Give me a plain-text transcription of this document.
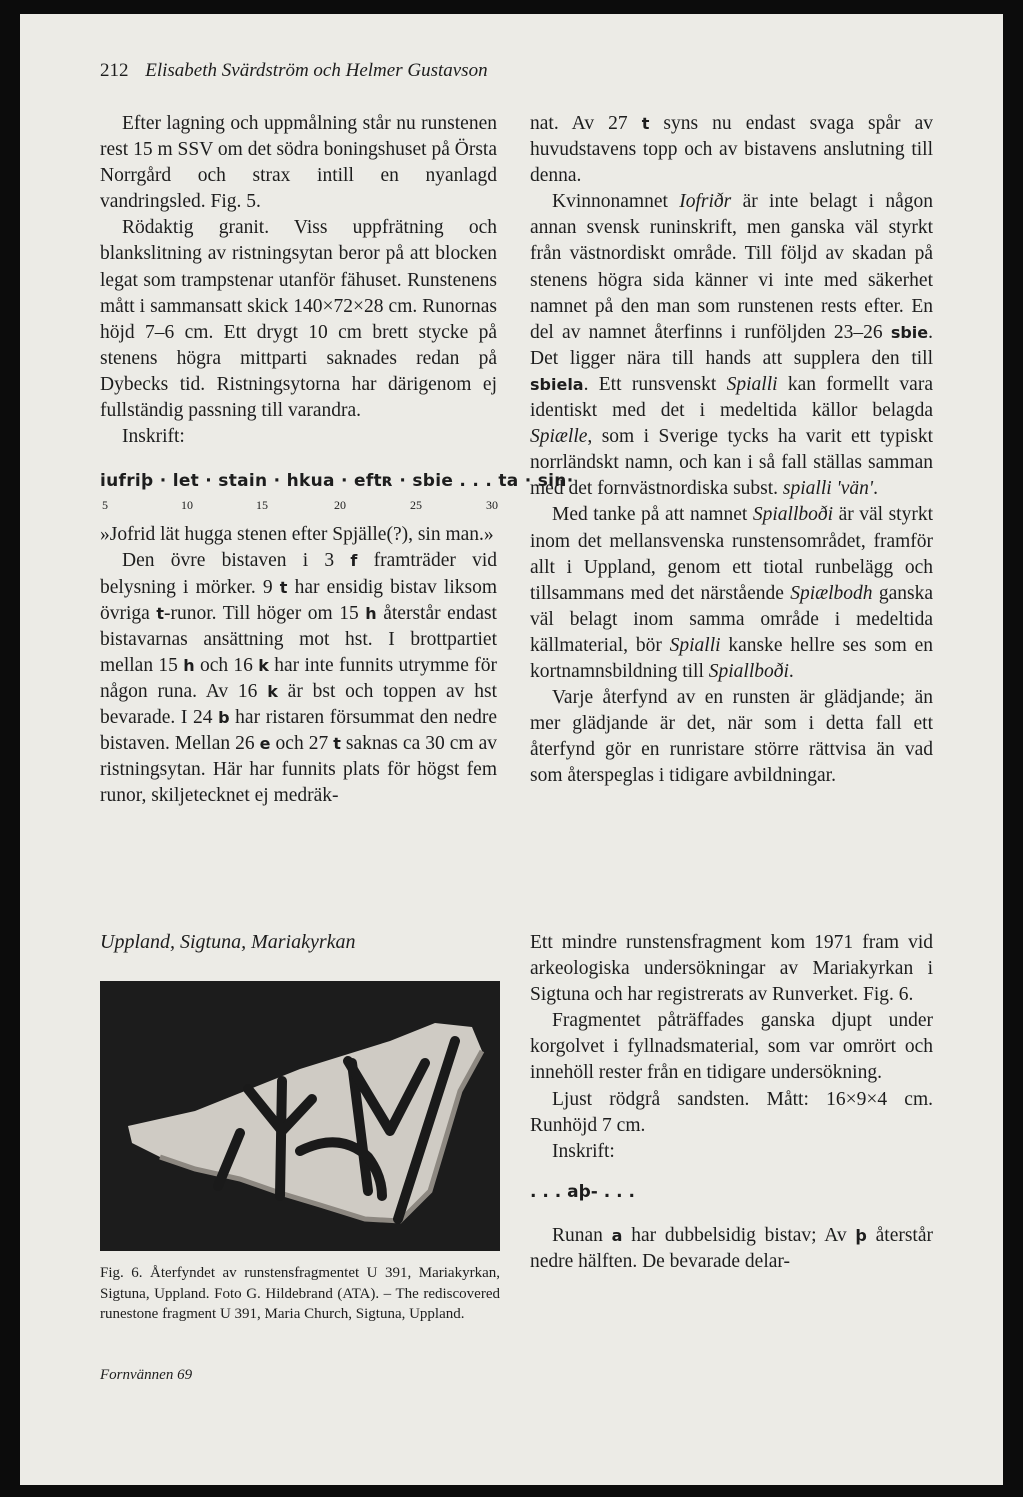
212 Elisabeth Svärdström och Helmer Gustavson

Efter lagning och uppmålning står nu runstenen rest 15 m SSV om det södra boningshuset på Örsta Norrgård och strax intill en nyanlagd vandringsled. Fig. 5.

Rödaktig granit. Viss uppfrätning och blankslitning av ristningsytan beror på att blocken legat som trampstenar utanför fähuset. Runstenens mått i sammansatt skick 140×72×28 cm. Runornas höjd 7–6 cm. Ett drygt 10 cm brett stycke på stenens högra mittparti saknades redan på Dybecks tid. Ristningsytorna har därigenom ej fullständig passning till varandra.

Inskrift:

iufriþ · let · stain · hkua · eftʀ · sbie . . . ta · sin·
5	10	15	20	25	30

»Jofrid lät hugga stenen efter Spjälle(?), sin man.»

Den övre bistaven i 3 f framträder vid belysning i mörker. 9 t har ensidig bistav liksom övriga t-runor. Till höger om 15 h återstår endast bistavarnas ansättning mot hst. I brottpartiet mellan 15 h och 16 k har inte funnits utrymme för någon runa. Av 16 k är bst och toppen av hst bevarade. I 24 b har ristaren försummat den nedre bistaven. Mellan 26 e och 27 t saknas ca 30 cm av ristningsytan. Här har funnits plats för högst fem runor, skiljetecknet ej medräk-

nat. Av 27 t syns nu endast svaga spår av huvudstavens topp och av bistavens anslutning till denna.

Kvinnonamnet Iofriðr är inte belagt i någon annan svensk runinskrift, men ganska väl styrkt från västnordiskt område. Till följd av skadan på stenens högra sida känner vi inte med säkerhet namnet på den man som runstenen rests efter. En del av namnet återfinns i runföljden 23–26 sbie. Det ligger nära till hands att supplera den till sbiela. Ett runsvenskt Spialli kan formellt vara identiskt med det i medeltida källor belagda Spiælle, som i Sverige tycks ha varit ett typiskt norrländskt namn, och kan i så fall ställas samman med det fornvästnordiska subst. spialli 'vän'.

Med tanke på att namnet Spiallboði är väl styrkt inom det mellansvenska runstensområdet, framför allt i Uppland, genom ett tiotal runbelägg och tillsammans med det närstående Spiælbodh ganska väl belagt inom samma område i medeltida källmaterial, bör Spialli kanske hellre ses som en kortnamnsbildning till Spiallboði.

Varje återfynd av en runsten är glädjande; än mer glädjande är det, när som i detta fall ett återfynd gör en runristare större rättvisa än vad som återspeglas i tidigare avbildningar.

Uppland, Sigtuna, Mariakyrkan
Fig. 6. Återfyndet av runstensfragmentet U 391, Mariakyrkan, Sigtuna, Uppland. Foto G. Hildebrand (ATA). – The rediscovered runestone fragment U 391, Maria Church, Sigtuna, Uppland.

Ett mindre runstensfragment kom 1971 fram vid arkeologiska undersökningar av Mariakyrkan i Sigtuna och har registrerats av Runverket. Fig. 6.

Fragmentet påträffades ganska djupt under korgolvet i fyllnadsmaterial, som var omrört och innehöll rester från en tidigare undersökning.

Ljust rödgrå sandsten. Mått: 16×9×4 cm. Runhöjd 7 cm.

Inskrift:

. . . aþ- . . .

Runan a har dubbelsidig bistav; Av þ återstår nedre hälften. De bevarade delar-

Fornvännen 69
